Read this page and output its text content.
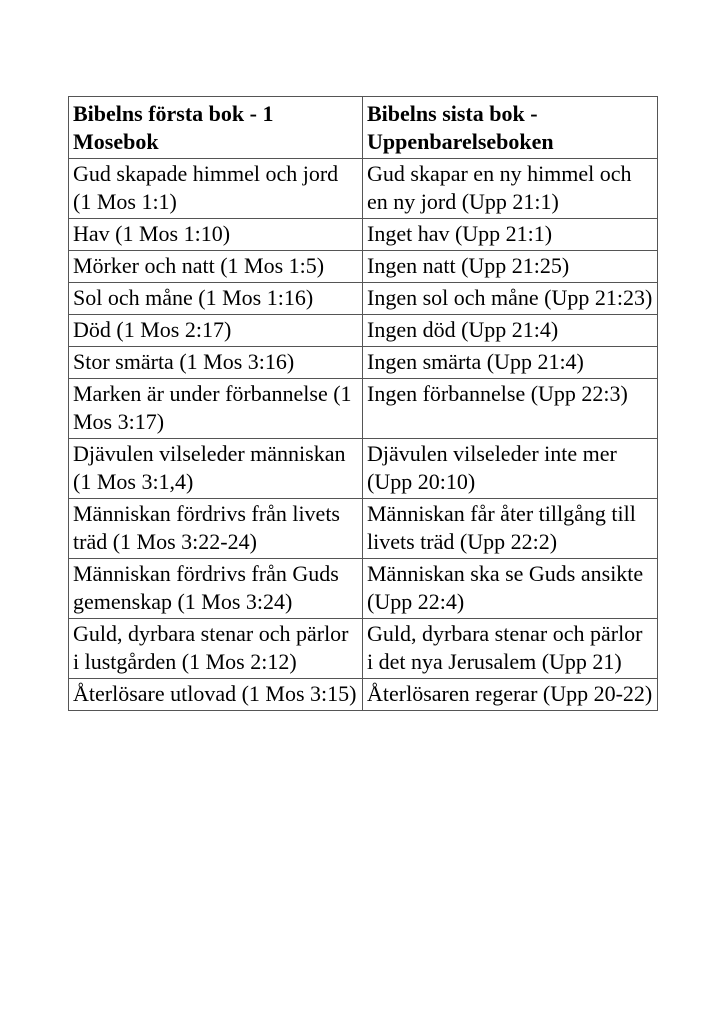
Bibelns första bok - 1 Mosebok	Bibelns sista bok - Uppenbarelseboken
Gud skapade himmel och jord (1 Mos 1:1)	Gud skapar en ny himmel och en ny jord (Upp 21:1)
Hav (1 Mos 1:10)	Inget hav (Upp 21:1)
Mörker och natt (1 Mos 1:5)	Ingen natt (Upp 21:25)
Sol och måne (1 Mos 1:16)	Ingen sol och måne (Upp 21:23)
Död (1 Mos 2:17)	Ingen död (Upp 21:4)
Stor smärta (1 Mos 3:16)	Ingen smärta (Upp 21:4)
Marken är under förbannelse (1 Mos 3:17)	Ingen förbannelse (Upp 22:3)
Djävulen vilseleder människan (1 Mos 3:1,4)	Djävulen vilseleder inte mer (Upp 20:10)
Människan fördrivs från livets träd (1 Mos 3:22-24)	Människan får åter tillgång till livets träd (Upp 22:2)
Människan fördrivs från Guds gemenskap (1 Mos 3:24)	Människan ska se Guds ansikte (Upp 22:4)
Guld, dyrbara stenar och pärlor i lustgården (1 Mos 2:12)	Guld, dyrbara stenar och pärlor i det nya Jerusalem (Upp 21)
Återlösare utlovad (1 Mos 3:15)	Återlösaren regerar (Upp 20-22)
